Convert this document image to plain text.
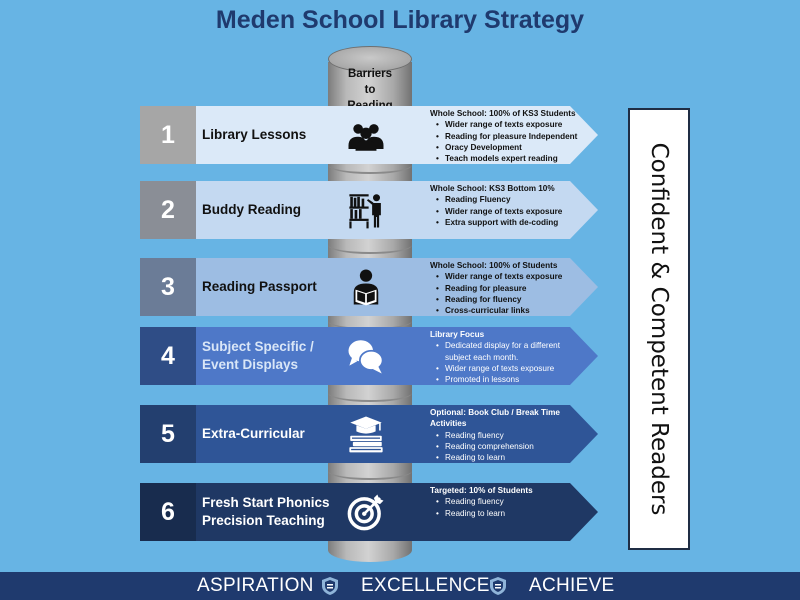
Meden School Library Strategy
Barriers
to
1	Library Lessons
Whole School: 100% of KS3 Students
• Wider range of texts exposure
• Reading for pleasure Independent
• Oracy Development
• Teach models expert reading
2	Buddy Reading
Whole School: KS3 Bottom 10%
• Reading Fluency
• Wider range of texts exposure
• Extra support with de-coding
3	Reading Passport
Whole School: 100% of Students
• Wider range of texts exposure
• Reading for pleasure
• Reading for fluency
• Cross-curricular links
4	Subject Specific /
Event Displays
Library Focus
• Dedicated display for a different subject each month.
• Wider range of texts exposure
• Promoted in lessons
5	Extra-Curricular
Optional: Book Club / Break Time Activities
• Reading fluency
• Reading comprehension
• Reading to learn
6	Fresh Start Phonics
Precision Teaching
Targeted: 10% of Students
• Reading fluency
• Reading to learn	Confident & Competent Readers
ASPIRATION EXCELLENCE ACHIEVE
